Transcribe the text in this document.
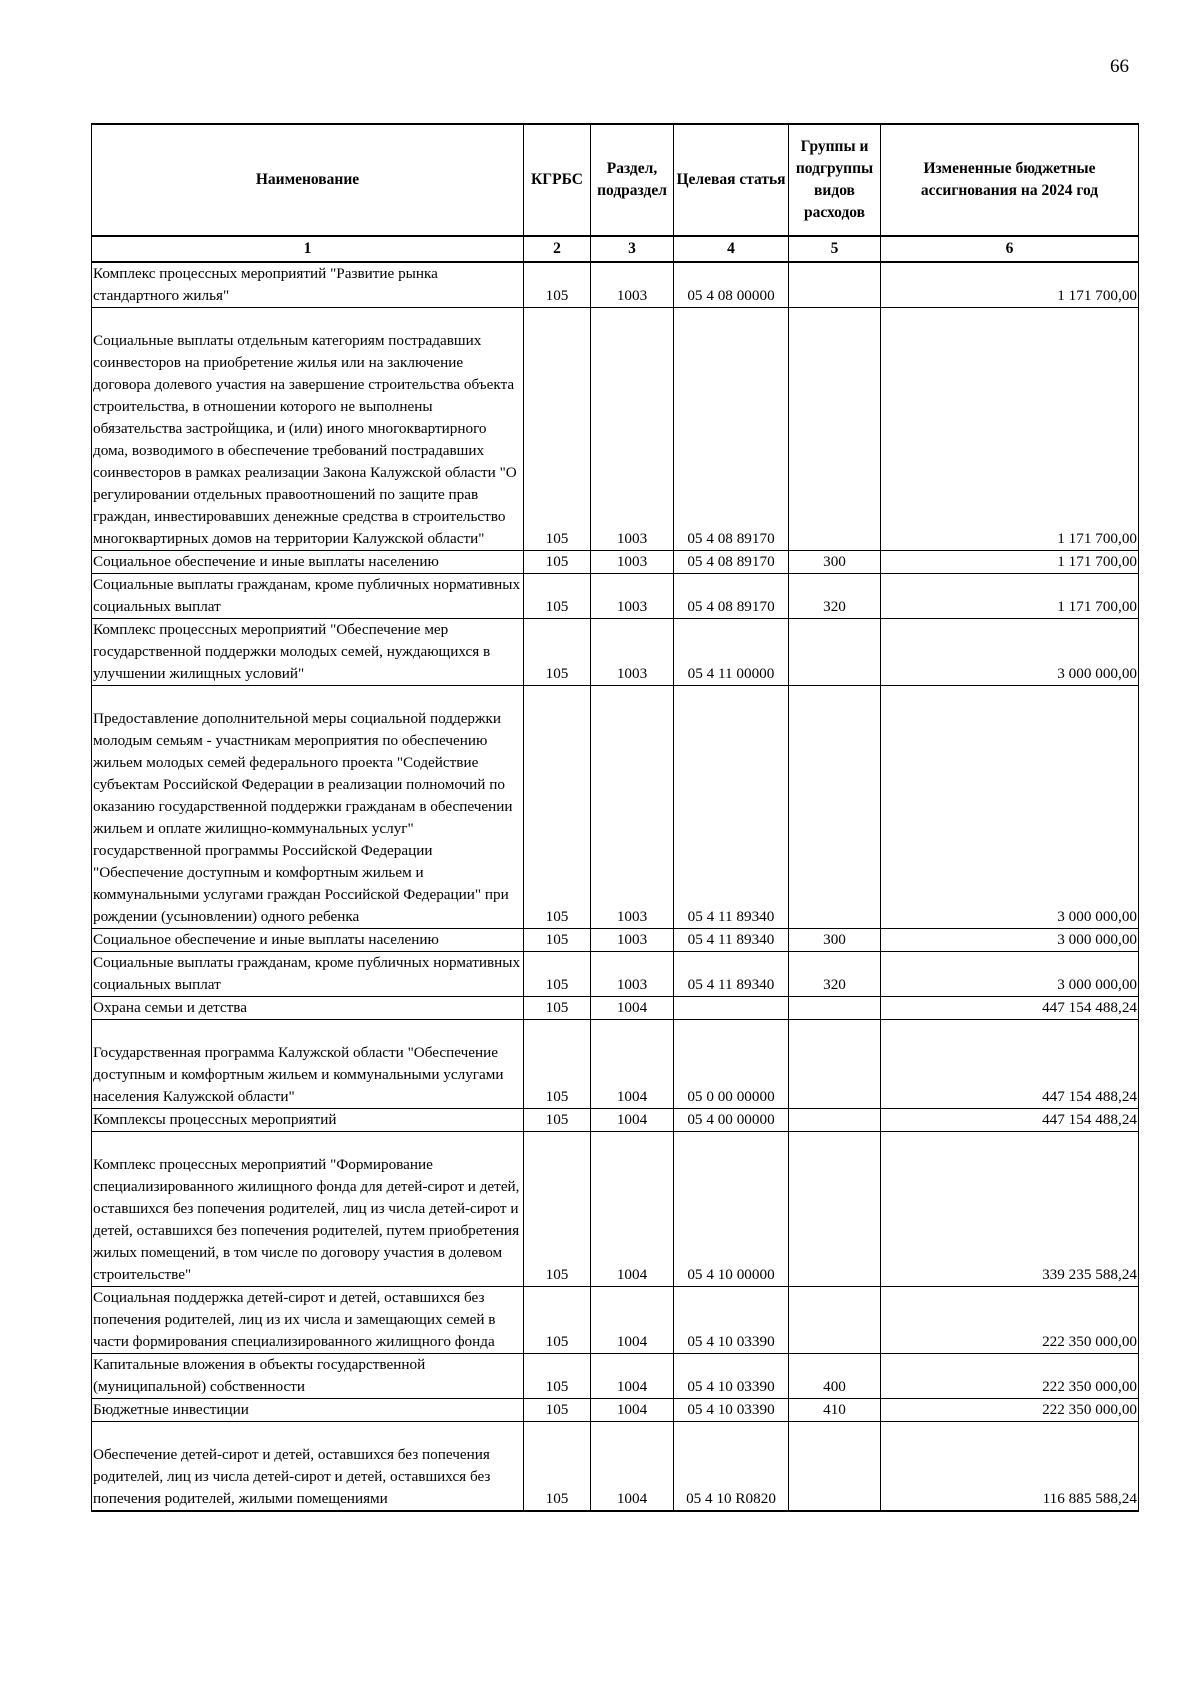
66
Наименование	КГРБС	Раздел, подраздел	Целевая статья	Группы и подгруппы видов расходов	Измененные бюджетные ассигнования на 2024 год
1	2	3	4	5	6
Комплекс процессных мероприятий "Развитие рынка стандартного жилья"	105	1003	05 4 08 00000		1 171 700,00
Социальные выплаты отдельным категориям пострадавших соинвесторов на приобретение жилья или на заключение договора долевого участия на завершение строительства объекта строительства, в отношении которого не выполнены обязательства застройщика, и (или) иного многоквартирного дома, возводимого в обеспечение требований пострадавших соинвесторов в рамках реализации Закона Калужской области "О регулировании отдельных правоотношений по защите прав граждан, инвестировавших денежные средства в строительство многоквартирных домов на территории Калужской области"	105	1003	05 4 08 89170		1 171 700,00
Социальное обеспечение и иные выплаты населению	105	1003	05 4 08 89170	300	1 171 700,00
Социальные выплаты гражданам, кроме публичных нормативных социальных выплат	105	1003	05 4 08 89170	320	1 171 700,00
Комплекс процессных мероприятий "Обеспечение мер государственной поддержки молодых семей, нуждающихся в улучшении жилищных условий"	105	1003	05 4 11 00000		3 000 000,00
Предоставление дополнительной меры социальной поддержки молодым семьям - участникам мероприятия по обеспечению жильем молодых семей федерального проекта "Содействие субъектам Российской Федерации в реализации полномочий по оказанию государственной поддержки гражданам в обеспечении жильем и оплате жилищно-коммунальных услуг" государственной программы Российской Федерации "Обеспечение доступным и комфортным жильем и коммунальными услугами граждан Российской Федерации" при рождении (усыновлении) одного ребенка	105	1003	05 4 11 89340		3 000 000,00
Социальное обеспечение и иные выплаты населению	105	1003	05 4 11 89340	300	3 000 000,00
Социальные выплаты гражданам, кроме публичных нормативных социальных выплат	105	1003	05 4 11 89340	320	3 000 000,00
Охрана семьи и детства	105	1004			447 154 488,24
Государственная программа Калужской области "Обеспечение доступным и комфортным жильем и коммунальными услугами населения Калужской области"	105	1004	05 0 00 00000		447 154 488,24
Комплексы процессных мероприятий	105	1004	05 4 00 00000		447 154 488,24
Комплекс процессных мероприятий "Формирование специализированного жилищного фонда для детей-сирот и детей, оставшихся без попечения родителей, лиц из числа детей-сирот и детей, оставшихся без попечения родителей, путем приобретения жилых помещений, в том числе по договору участия в долевом строительстве"	105	1004	05 4 10 00000		339 235 588,24
Социальная поддержка детей-сирот и детей, оставшихся без попечения родителей, лиц из их числа и замещающих семей в части формирования специализированного жилищного фонда	105	1004	05 4 10 03390		222 350 000,00
Капитальные вложения в объекты государственной (муниципальной) собственности	105	1004	05 4 10 03390	400	222 350 000,00
Бюджетные инвестиции	105	1004	05 4 10 03390	410	222 350 000,00
Обеспечение детей-сирот и детей, оставшихся без попечения родителей, лиц из числа детей-сирот и детей, оставшихся без попечения родителей, жилыми помещениями	105	1004	05 4 10 R0820		116 885 588,24
